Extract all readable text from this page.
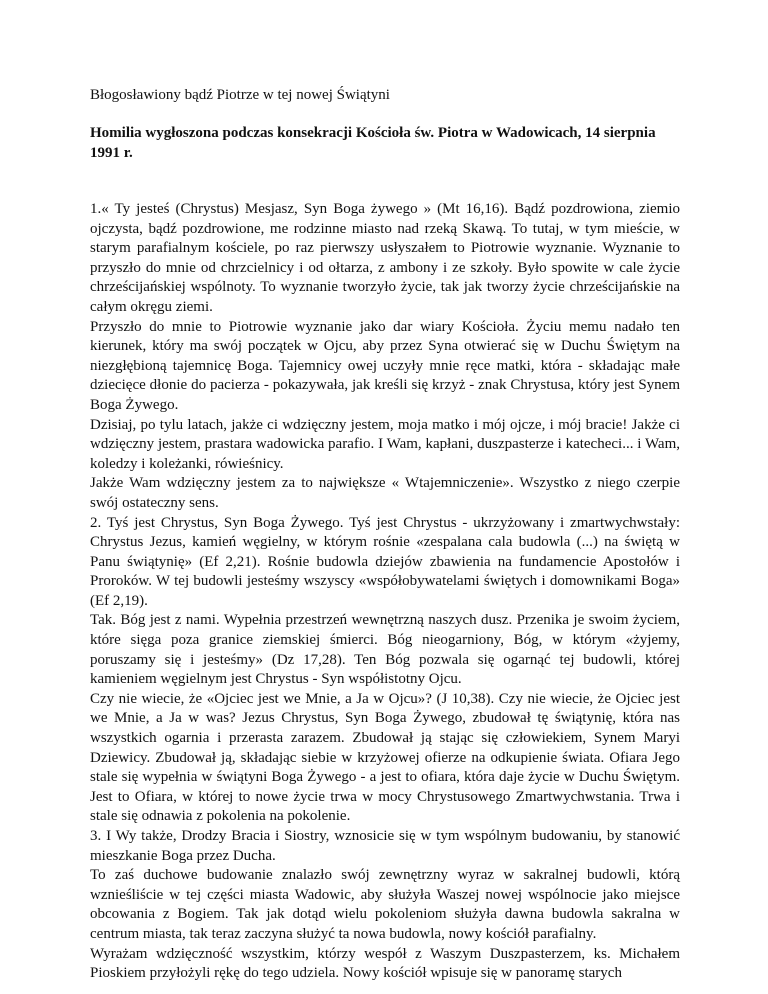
Błogosławiony bądź Piotrze w tej nowej Świątyni
Homilia wygłoszona podczas konsekracji Kościoła św. Piotra w Wadowicach, 14 sierpnia 1991 r.

1.« Ty jesteś (Chrystus) Mesjasz, Syn Boga żywego » (Mt 16,16). Bądź pozdrowiona, ziemio ojczysta, bądź pozdrowione, me rodzinne miasto nad rzeką Skawą. To tutaj, w tym mieście, w starym parafialnym kościele, po raz pierwszy usłyszałem to Piotrowie wyznanie. Wyznanie to przyszło do mnie od chrzcielnicy i od ołtarza, z ambony i ze szkoły. Było spowite w cale życie chrześcijańskiej wspólnoty. To wyznanie tworzyło życie, tak jak tworzy życie chrześcijańskie na całym okręgu ziemi.

Przyszło do mnie to Piotrowie wyznanie jako dar wiary Kościoła. Życiu memu nadało ten kierunek, który ma swój początek w Ojcu, aby przez Syna otwierać się w Duchu Świętym na niezgłębioną tajemnicę Boga. Tajemnicy owej uczyły mnie ręce matki, która - składając małe dziecięce dłonie do pacierza - pokazywała, jak kreśli się krzyż - znak Chrystusa, który jest Synem Boga Żywego.

Dzisiaj, po tylu latach, jakże ci wdzięczny jestem, moja matko i mój ojcze, i mój bracie! Jakże ci wdzięczny jestem, prastara wadowicka parafio. I Wam, kapłani, duszpasterze i katecheci... i Wam, koledzy i koleżanki, rówieśnicy.

Jakże Wam wdzięczny jestem za to największe « Wtajemniczenie». Wszystko z niego czerpie swój ostateczny sens.

2. Tyś jest Chrystus, Syn Boga Żywego. Tyś jest Chrystus - ukrzyżowany i zmartwychwstały: Chrystus Jezus, kamień węgielny, w którym rośnie «zespalana cala budowla (...) na świętą w Panu świątynię» (Ef 2,21). Rośnie budowla dziejów zbawienia na fundamencie Apostołów i Proroków. W tej budowli jesteśmy wszyscy «współobywatelami świętych i domownikami Boga» (Ef 2,19).

Tak. Bóg jest z nami. Wypełnia przestrzeń wewnętrzną naszych dusz. Przenika je swoim życiem, które sięga poza granice ziemskiej śmierci. Bóg nieogarniony, Bóg, w którym «żyjemy, poruszamy się i jesteśmy» (Dz 17,28). Ten Bóg pozwala się ogarnąć tej budowli, której kamieniem węgielnym jest Chrystus - Syn współistotny Ojcu.

Czy nie wiecie, że «Ojciec jest we Mnie, a Ja w Ojcu»? (J 10,38). Czy nie wiecie, że Ojciec jest we Mnie, a Ja w was? Jezus Chrystus, Syn Boga Żywego, zbudował tę świątynię, która nas wszystkich ogarnia i przerasta zarazem. Zbudował ją stając się człowiekiem, Synem Maryi Dziewicy. Zbudował ją, składając siebie w krzyżowej ofierze na odkupienie świata. Ofiara Jego stale się wypełnia w świątyni Boga Żywego - a jest to ofiara, która daje życie w Duchu Świętym. Jest to Ofiara, w której to nowe życie trwa w mocy Chrystusowego Zmartwychwstania. Trwa i stale się odnawia z pokolenia na pokolenie.

3. I Wy także, Drodzy Bracia i Siostry, wznosicie się w tym wspólnym budowaniu, by stanowić mieszkanie Boga przez Ducha.

To zaś duchowe budowanie znalazło swój zewnętrzny wyraz w sakralnej budowli, którą wznieśliście w tej części miasta Wadowic, aby służyła Waszej nowej wspólnocie jako miejsce obcowania z Bogiem. Tak jak dotąd wielu pokoleniom służyła dawna budowla sakralna w centrum miasta, tak teraz zaczyna służyć ta nowa budowla, nowy kościół parafialny.

Wyrażam wdzięczność wszystkim, którzy wespół z Waszym Duszpasterzem, ks. Michałem Pioskiem przyłożyli rękę do tego udziela. Nowy kościół wpisuje się w panoramę starych
